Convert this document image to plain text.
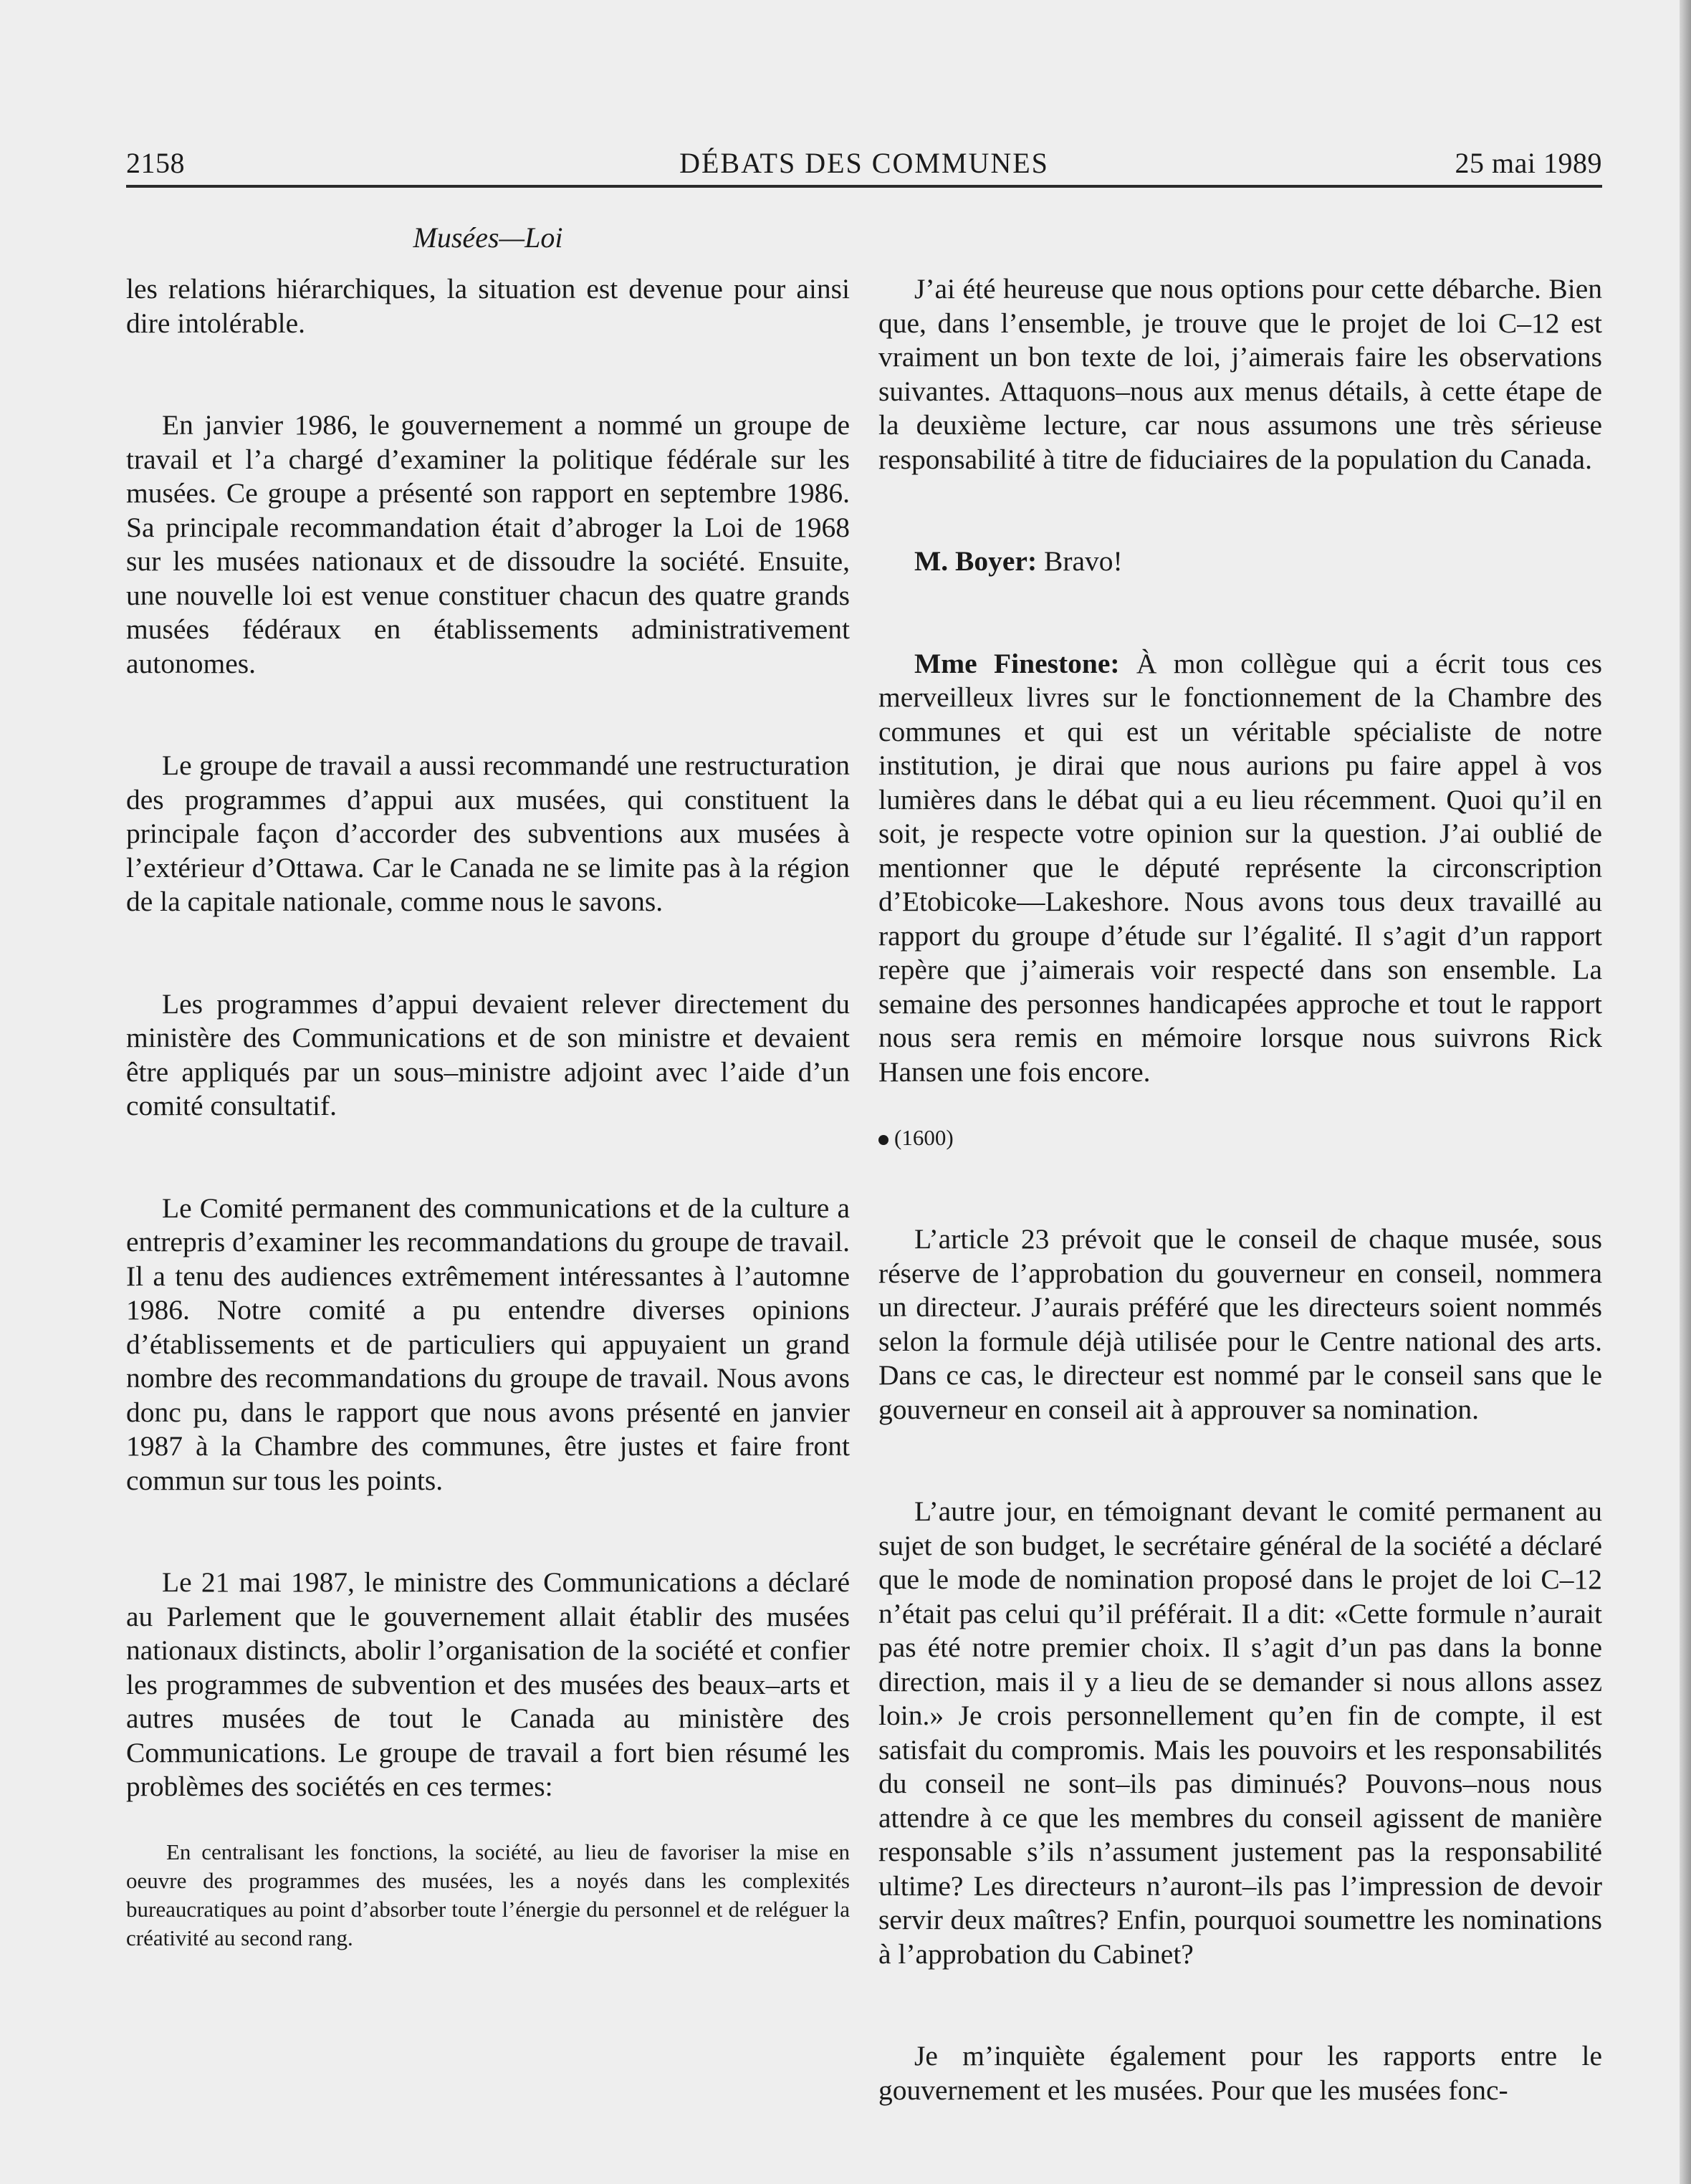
2158	DÉBATS DES COMMUNES	25 mai 1989
Musées—Loi

les relations hiérarchiques, la situation est devenue pour ainsi dire intolérable.

En janvier 1986, le gouvernement a nommé un groupe de travail et l’a chargé d’examiner la politique fédérale sur les musées. Ce groupe a présenté son rapport en septembre 1986. Sa principale recommandation était d’abroger la Loi de 1968 sur les musées nationaux et de dissoudre la société. Ensuite, une nouvelle loi est venue constituer chacun des quatre grands musées fédéraux en établissements administrativement autonomes.

Le groupe de travail a aussi recommandé une restructuration des programmes d’appui aux musées, qui constituent la principale façon d’accorder des subventions aux musées à l’extérieur d’Ottawa. Car le Canada ne se limite pas à la région de la capitale nationale, comme nous le savons.

Les programmes d’appui devaient relever directement du ministère des Communications et de son ministre et devaient être appliqués par un sous–ministre adjoint avec l’aide d’un comité consultatif.

Le Comité permanent des communications et de la culture a entrepris d’examiner les recommandations du groupe de travail. Il a tenu des audiences extrêmement intéressantes à l’automne 1986. Notre comité a pu entendre diverses opinions d’établissements et de particuliers qui appuyaient un grand nombre des recommandations du groupe de travail. Nous avons donc pu, dans le rapport que nous avons présenté en janvier 1987 à la Chambre des communes, être justes et faire front commun sur tous les points.

Le 21 mai 1987, le ministre des Communications a déclaré au Parlement que le gouvernement allait établir des musées nationaux distincts, abolir l’organisation de la société et confier les programmes de subvention et des musées des beaux–arts et autres musées de tout le Canada au ministère des Communications. Le groupe de travail a fort bien résumé les problèmes des sociétés en ces termes:

En centralisant les fonctions, la société, au lieu de favoriser la mise en oeuvre des programmes des musées, les a noyés dans les complexités bureaucratiques au point d’absorber toute l’énergie du personnel et de reléguer la créativité au second rang.

J’ai été heureuse que nous options pour cette débarche. Bien que, dans l’ensemble, je trouve que le projet de loi C–12 est vraiment un bon texte de loi, j’aimerais faire les observations suivantes. Attaquons–nous aux menus détails, à cette étape de la deuxième lecture, car nous assumons une très sérieuse responsabilité à titre de fiduciaires de la population du Canada.

M. Boyer: Bravo!

Mme Finestone: À mon collègue qui a écrit tous ces merveilleux livres sur le fonctionnement de la Chambre des communes et qui est un véritable spécialiste de notre institution, je dirai que nous aurions pu faire appel à vos lumières dans le débat qui a eu lieu récemment. Quoi qu’il en soit, je respecte votre opinion sur la question. J’ai oublié de mentionner que le député représente la circonscription d’Etobicoke—Lakeshore. Nous avons tous deux travaillé au rapport du groupe d’étude sur l’égalité. Il s’agit d’un rapport repère que j’aimerais voir respecté dans son ensemble. La semaine des personnes handicapées approche et tout le rapport nous sera remis en mémoire lorsque nous suivrons Rick Hansen une fois encore.

(1600)

L’article 23 prévoit que le conseil de chaque musée, sous réserve de l’approbation du gouverneur en conseil, nommera un directeur. J’aurais préféré que les directeurs soient nommés selon la formule déjà utilisée pour le Centre national des arts. Dans ce cas, le directeur est nommé par le conseil sans que le gouverneur en conseil ait à approuver sa nomination.

L’autre jour, en témoignant devant le comité permanent au sujet de son budget, le secrétaire général de la société a déclaré que le mode de nomination proposé dans le projet de loi C–12 n’était pas celui qu’il préférait. Il a dit: «Cette formule n’aurait pas été notre premier choix. Il s’agit d’un pas dans la bonne direction, mais il y a lieu de se demander si nous allons assez loin.» Je crois personnellement qu’en fin de compte, il est satisfait du compromis. Mais les pouvoirs et les responsabilités du conseil ne sont–ils pas diminués? Pouvons–nous nous attendre à ce que les membres du conseil agissent de manière responsable s’ils n’assument justement pas la responsabilité ultime? Les directeurs n’auront–ils pas l’impression de devoir servir deux maîtres? Enfin, pourquoi soumettre les nominations à l’approbation du Cabinet?

Je m’inquiète également pour les rapports entre le gouvernement et les musées. Pour que les musées fonc-
